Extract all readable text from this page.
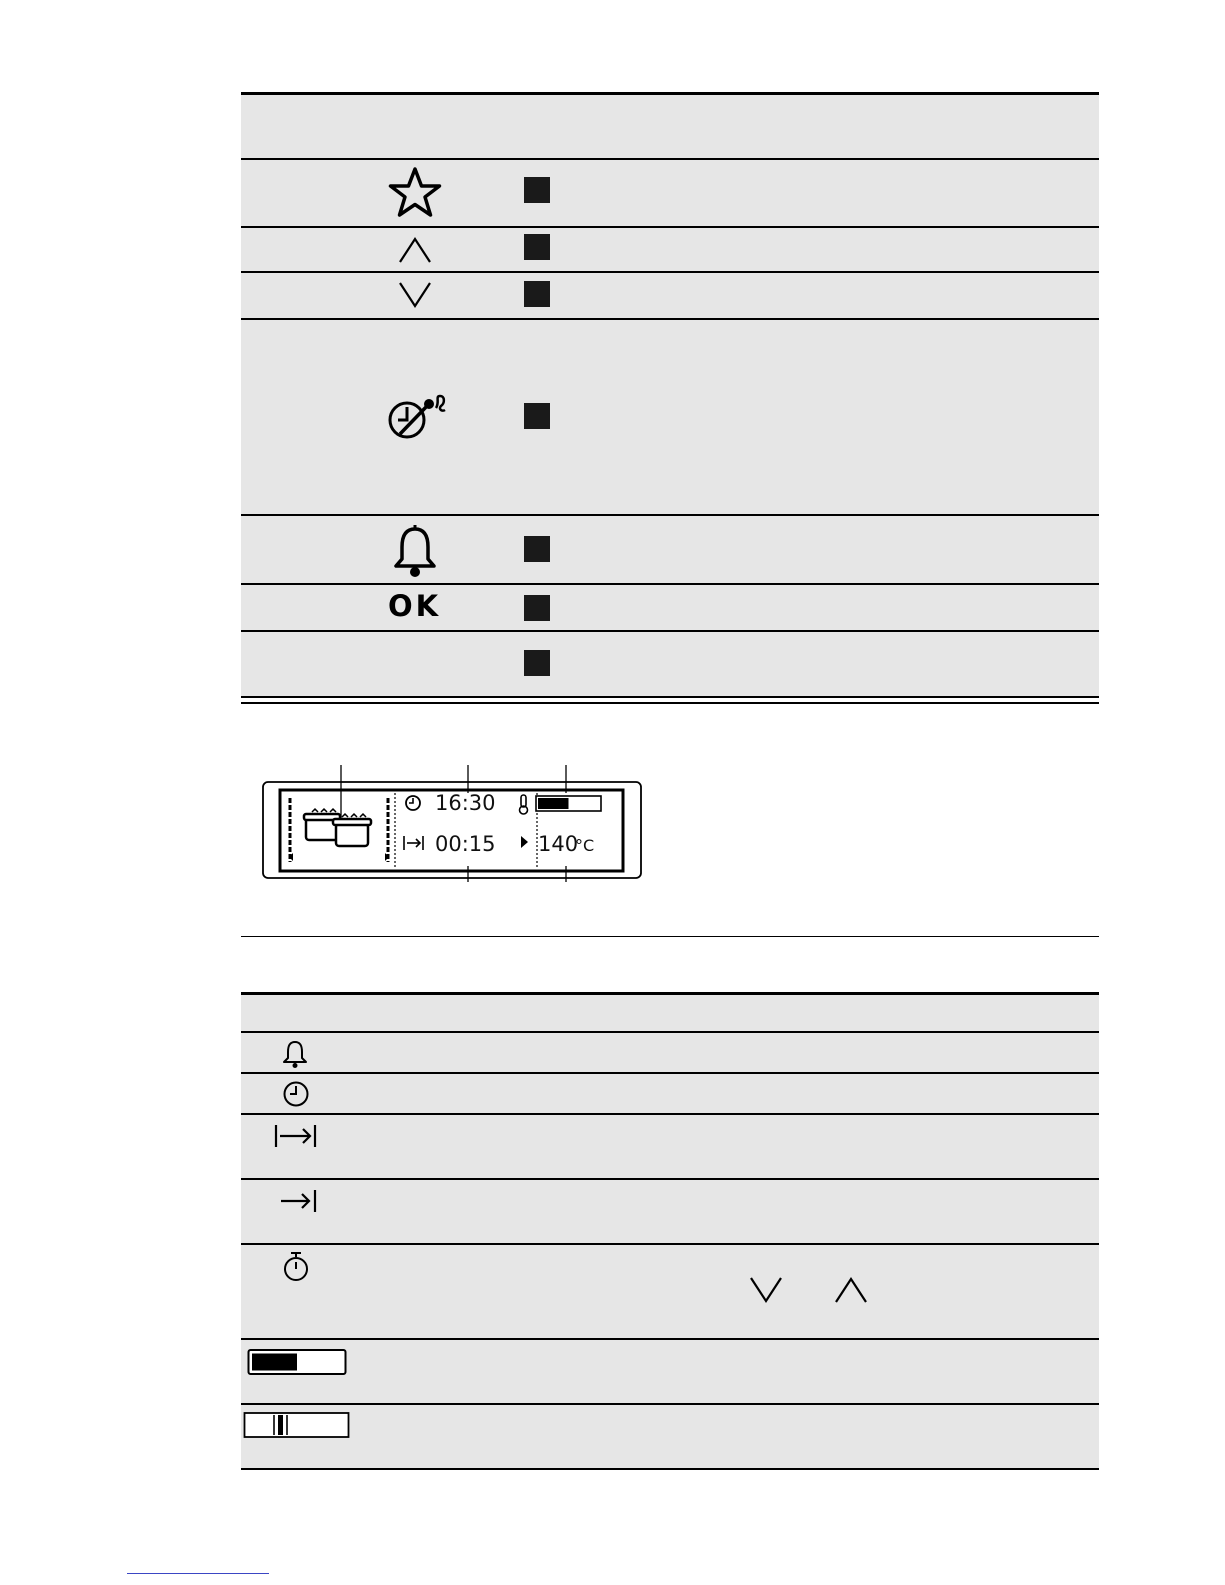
OK
16:30
00:15 140
°C
